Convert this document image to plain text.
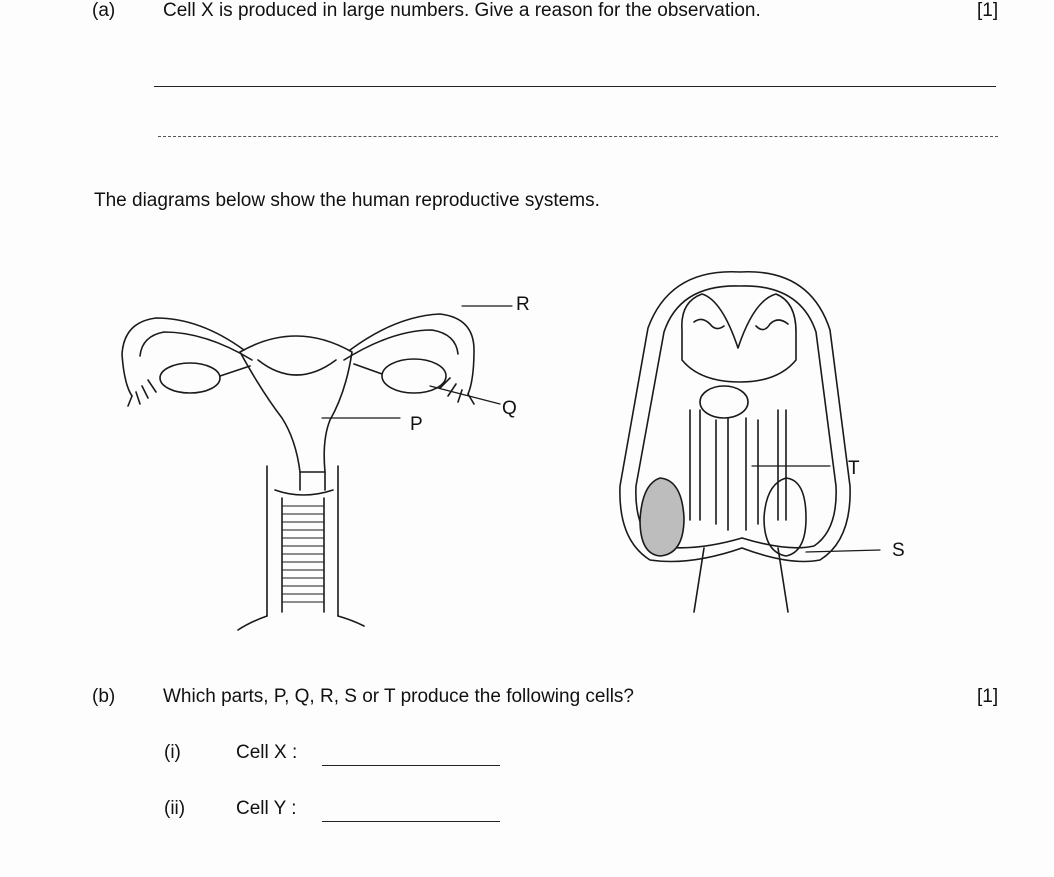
(a)	Cell X is produced in large numbers. Give a reason for the observation.	[1]
The diagrams below show the human reproductive systems.
R
Q
P
T
S
(b)	Which parts, P, Q, R, S or T produce the following cells?	[1]
(i)	Cell X :
(ii)	Cell Y :
